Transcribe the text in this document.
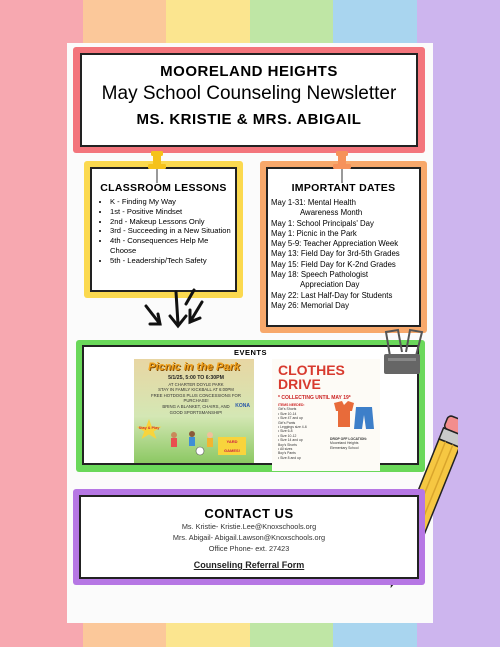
MOORELAND HEIGHTS
May School Counseling Newsletter
MS. KRISTIE & MRS. ABIGAIL
CLASSROOM LESSONS
• K - Finding My Way
• 1st - Positive Mindset
• 2nd - Makeup Lessons Only
• 3rd - Succeeding in a New Situation
• 4th - Consequences Help Me Choose
• 5th - Leadership/Tech Safety
IMPORTANT DATES
May 1-31: Mental Health
Awareness Month
May 1: School Principals' Day
May 1: Picnic in the Park
May 5-9: Teacher Appreciation Week
May 13: Field Day for 3rd-5th Grades
May 15: Field Day for K-2nd Grades
May 18: Speech Pathologist
Appreciation Day
May 22: Last Half-Day for Students
May 26: Memorial Day
EVENTS
Picnic in the Park
5/1/25, 5:00 TO 6:30PM
AT CHARTER DOYLE PARK
STAY IN FAMILY KICKBALL AT 6:00PM
FREE HOTDOGS PLUS CONCESSIONS FOR PURCHASE!
BRING A BLANKET, CHAIRS, AND
GOOD SPORTSMANSHIP!
Stay & Play
KONA
YARD GAMES!
CLOTHES
DRIVE
* COLLECTING UNTIL MAY 19*
ITEMS NEEDED:
Girl's Shorts
• Size 10-14
• Size 4T and up
Girl's Pants
• Leggings size 4-6
• Size 6-8
• Size 10-12
• Size 14 and up
Boy's Shorts
• All sizes
Boy's Pants
• Size 8 and up
DROP OFF LOCATION:
Mooreland Heights Elementary School
CONTACT US
Ms. Kristie- Kristie.Lee@Knoxschools.org
Mrs. Abigail- Abigail.Lawson@Knoxschools.org
Office Phone- ext. 27423
Counseling Referral Form
